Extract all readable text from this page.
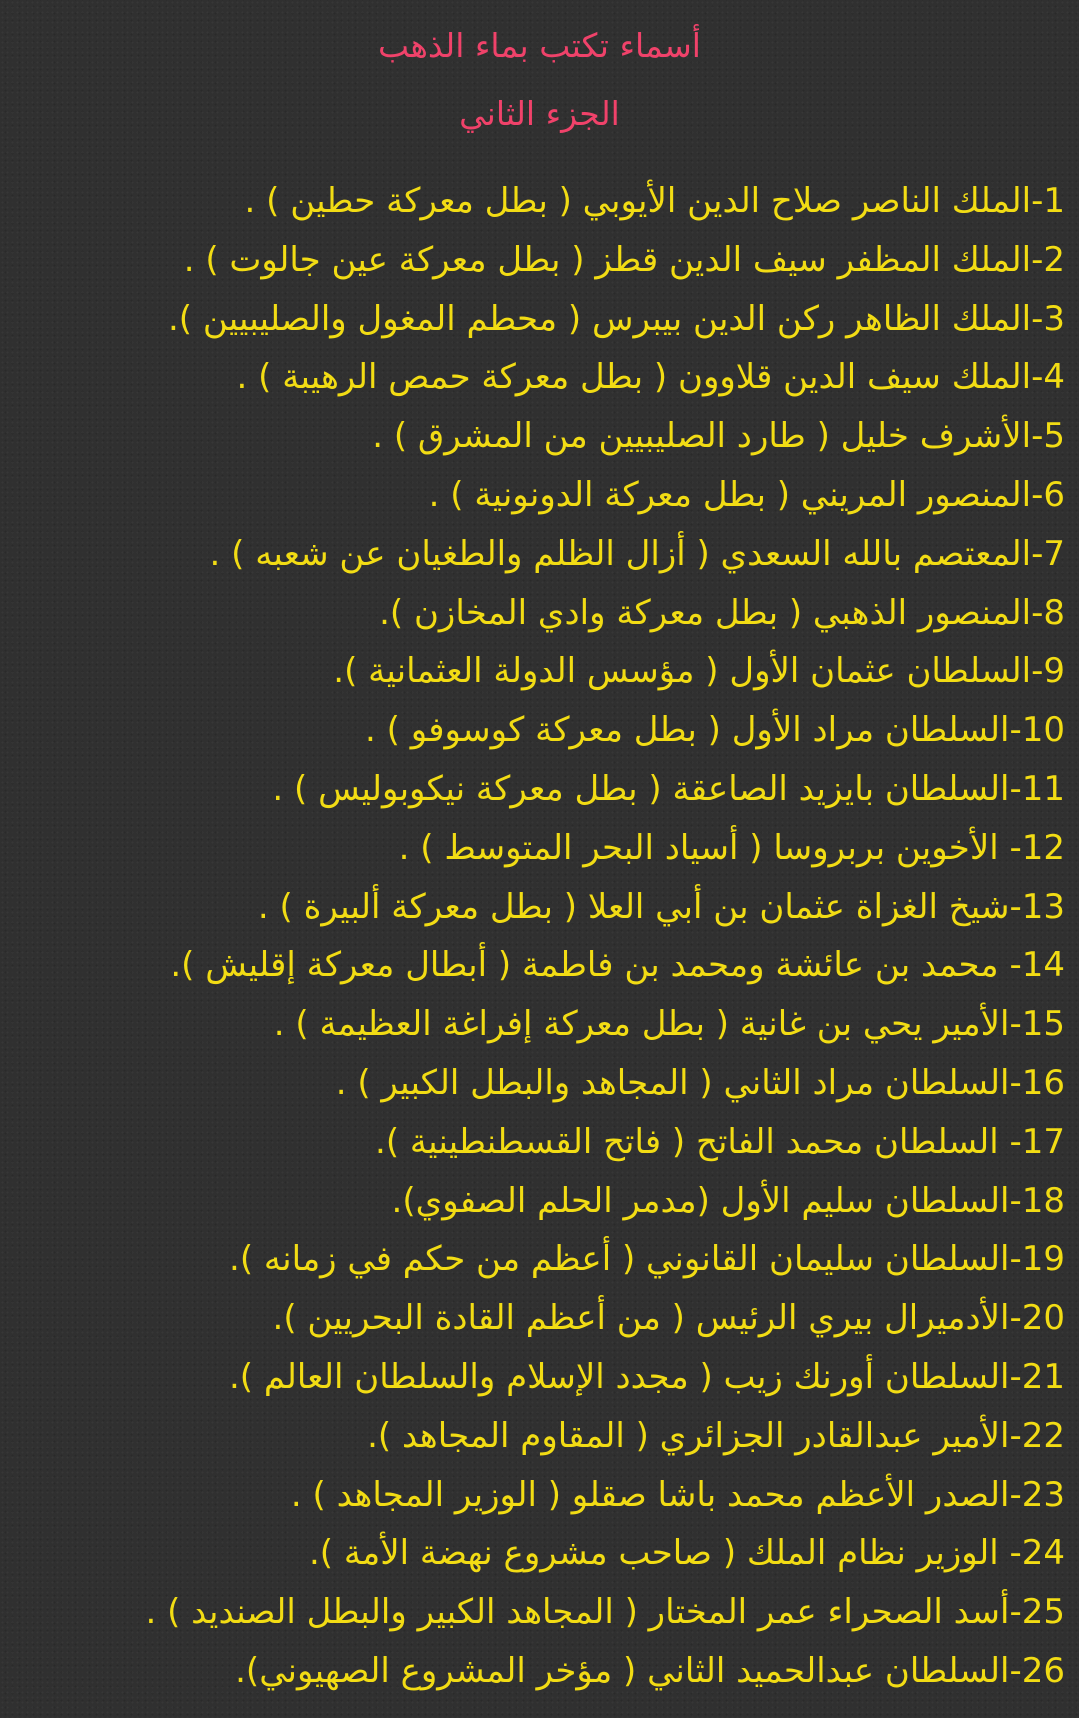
أسماء تكتب بماء الذهب
الجزء الثاني
1-الملك الناصر صلاح الدين الأيوبي ( بطل معركة حطين ) .
2-الملك المظفر سيف الدين قطز ( بطل معركة عين جالوت ) .
3-الملك الظاهر ركن الدين بيبرس ( محطم المغول والصليبيين ).
4-الملك سيف الدين قلاوون ( بطل معركة حمص الرهيبة ) .
5-الأشرف خليل ( طارد الصليبيين من المشرق ) .
6-المنصور المريني ( بطل معركة الدونونية ) .
7-المعتصم بالله السعدي ( أزال الظلم والطغيان عن شعبه ) .
8-المنصور الذهبي ( بطل معركة وادي المخازن ).
9-السلطان عثمان الأول ( مؤسس الدولة العثمانية ).
10-السلطان مراد الأول ( بطل معركة كوسوفو ) .
11-السلطان بايزيد الصاعقة ( بطل معركة نيكوبوليس ) .
12- الأخوين بربروسا ( أسياد البحر المتوسط ) .
13-شيخ الغزاة عثمان بن أبي العلا ( بطل معركة ألبيرة ) .
14- محمد بن عائشة ومحمد بن فاطمة ( أبطال معركة إقليش ).
15-الأمير يحي بن غانية ( بطل معركة إفراغة العظيمة ) .
16-السلطان مراد الثاني ( المجاهد والبطل الكبير ) .
17- السلطان محمد الفاتح ( فاتح القسطنطينية ).
18-السلطان سليم الأول (مدمر الحلم الصفوي).
19-السلطان سليمان القانوني ( أعظم من حكم في زمانه ).
20-الأدميرال بيري الرئيس ( من أعظم القادة البحريين ).
21-السلطان أورنك زيب ( مجدد الإسلام والسلطان العالم ).
22-الأمير عبدالقادر الجزائري ( المقاوم المجاهد ).
23-الصدر الأعظم محمد باشا صقلو ( الوزير المجاهد ) .
24- الوزير نظام الملك ( صاحب مشروع نهضة الأمة ).
25-أسد الصحراء عمر المختار ( المجاهد الكبير والبطل الصنديد ) .
26-السلطان عبدالحميد الثاني ( مؤخر المشروع الصهيوني).
